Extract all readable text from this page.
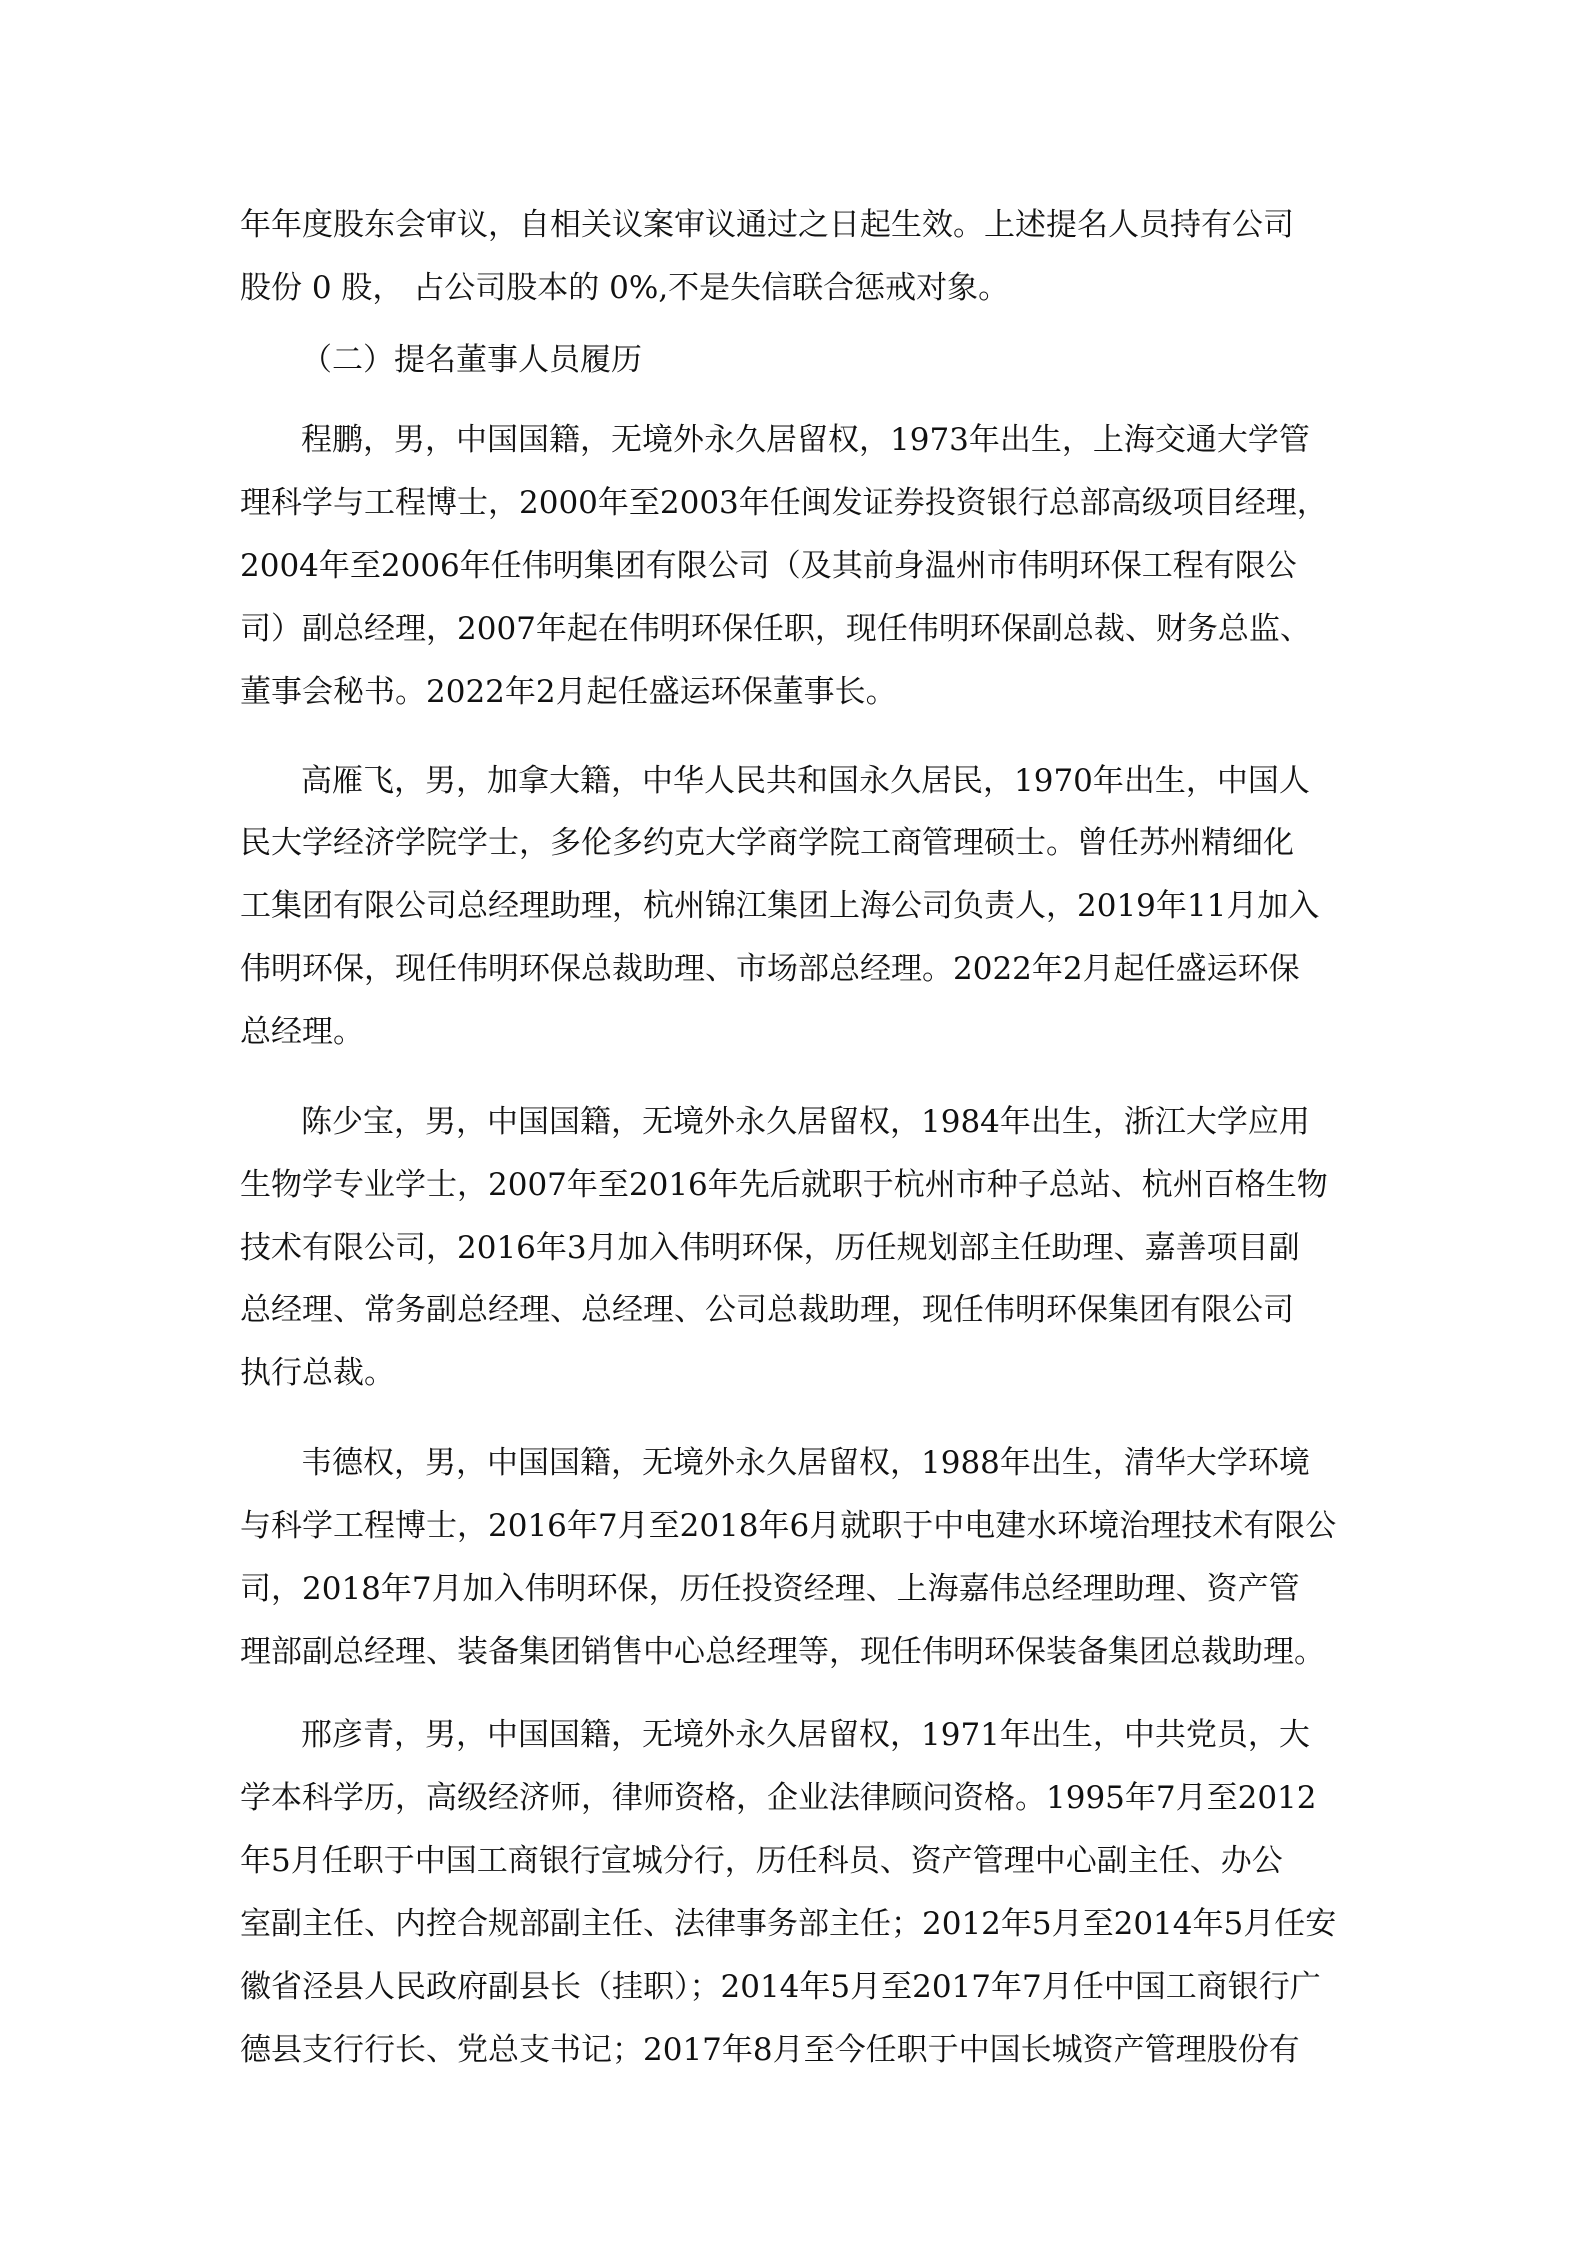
年年度股东会审议，自相关议案审议通过之日起生效。上述提名人员持有公司
股份 0 股， 占公司股本的 0%,不是失信联合惩戒对象。
（二）提名董事人员履历
程鹏，男，中国国籍，无境外永久居留权，1973年出生，上海交通大学管
理科学与工程博士，2000年至2003年任闽发证券投资银行总部高级项目经理，
2004年至2006年任伟明集团有限公司（及其前身温州市伟明环保工程有限公
司）副总经理，2007年起在伟明环保任职，现任伟明环保副总裁、财务总监、
董事会秘书。2022年2月起任盛运环保董事长。
高雁飞，男，加拿大籍，中华人民共和国永久居民，1970年出生，中国人
民大学经济学院学士，多伦多约克大学商学院工商管理硕士。曾任苏州精细化
工集团有限公司总经理助理，杭州锦江集团上海公司负责人，2019年11月加入
伟明环保，现任伟明环保总裁助理、市场部总经理。2022年2月起任盛运环保
总经理。
陈少宝，男，中国国籍，无境外永久居留权，1984年出生，浙江大学应用
生物学专业学士，2007年至2016年先后就职于杭州市种子总站、杭州百格生物
技术有限公司，2016年3月加入伟明环保，历任规划部主任助理、嘉善项目副
总经理、常务副总经理、总经理、公司总裁助理，现任伟明环保集团有限公司
执行总裁。
韦德权，男，中国国籍，无境外永久居留权，1988年出生，清华大学环境
与科学工程博士，2016年7月至2018年6月就职于中电建水环境治理技术有限公
司，2018年7月加入伟明环保，历任投资经理、上海嘉伟总经理助理、资产管
理部副总经理、装备集团销售中心总经理等，现任伟明环保装备集团总裁助理。
邢彦青，男，中国国籍，无境外永久居留权，1971年出生，中共党员，大
学本科学历，高级经济师，律师资格，企业法律顾问资格。1995年7月至2012
年5月任职于中国工商银行宣城分行，历任科员、资产管理中心副主任、办公
室副主任、内控合规部副主任、法律事务部主任；2012年5月至2014年5月任安
徽省泾县人民政府副县长（挂职）；2014年5月至2017年7月任中国工商银行广
德县支行行长、党总支书记；2017年8月至今任职于中国长城资产管理股份有
